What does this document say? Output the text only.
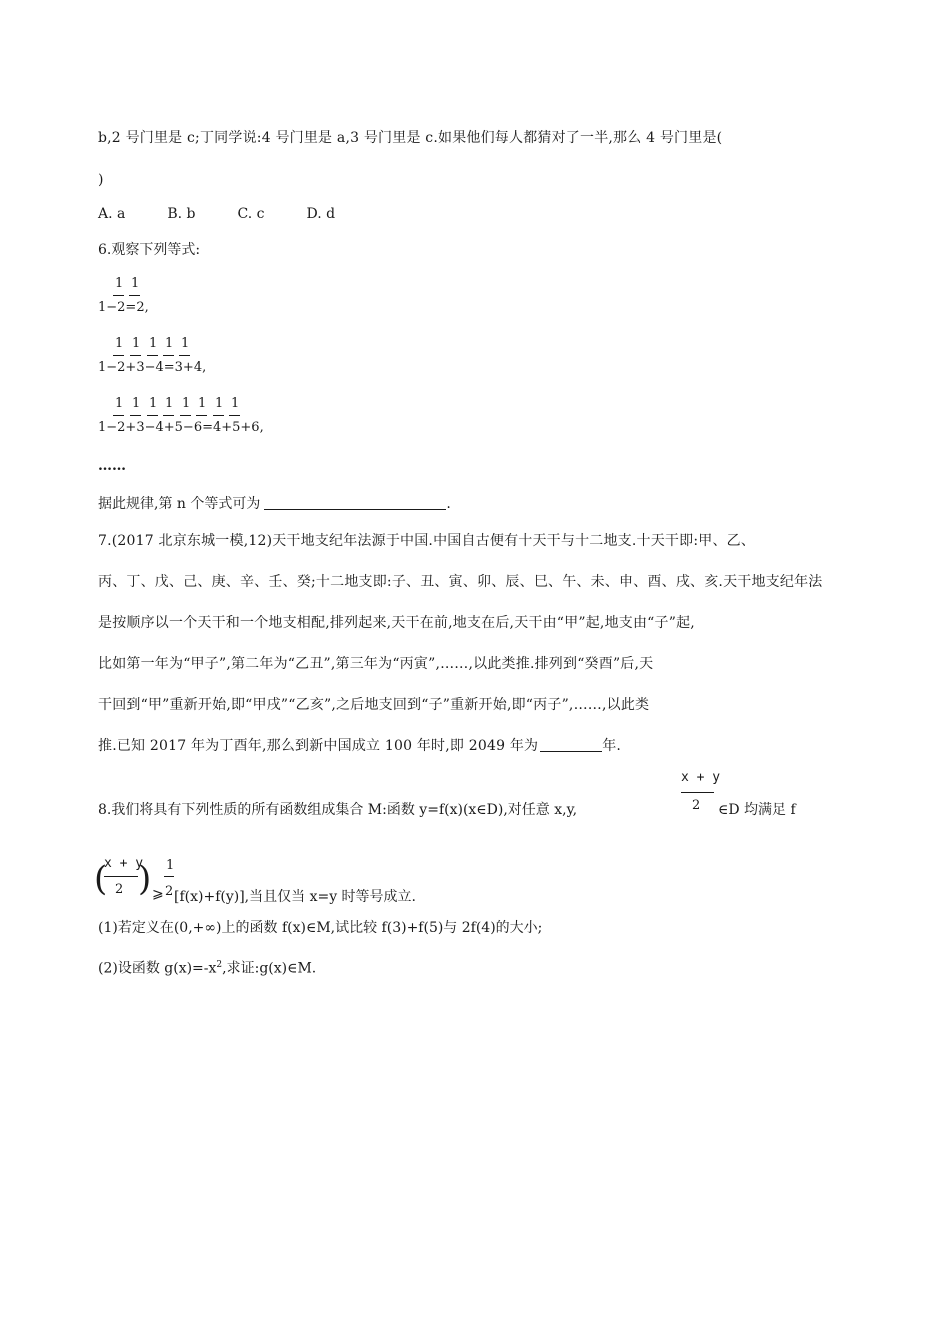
b,2 号门里是 c;丁同学说:4 号门里是 a,3 号门里是 c.如果他们每人都猜对了一半,那么 4 号门里是(
)
A. a	B. b	C. c	D. d
6.观察下列等式:
1 1
1−2=2,
1 1 1 1 1
1−2+3−4=3+4,
1 1 1 1 1 1 1 1
1−2+3−4+5−6=4+5+6,
……
据此规律,第 n 个等式可为	.
7.(2017 北京东城一模,12)天干地支纪年法源于中国.中国自古便有十天干与十二地支.十天干即:甲、乙、
丙、丁、戊、己、庚、辛、壬、癸;十二地支即:子、丑、寅、卯、辰、巳、午、未、申、酉、戌、亥.天干地支纪年法
是按顺序以一个天干和一个地支相配,排列起来,天干在前,地支在后,天干由“甲”起,地支由“子”起,
比如第一年为“甲子”,第二年为“乙丑”,第三年为“丙寅”,……,以此类推.排列到“癸酉”后,天
干回到“甲”重新开始,即“甲戌”“乙亥”,之后地支回到“子”重新开始,即“丙子”,……,以此类
推.已知 2017 年为丁酉年,那么到新中国成立 100 年时,即 2049 年为	年.
8.我们将具有下列性质的所有函数组成集合 M:函数 y=f(x)(x∈D),对任意 x,y,
x + y
2 ∈D 均满足 f
(
x + y
2 ) ⩾
1
2 [f(x)+f(y)],当且仅当 x=y 时等号成立.
(1)若定义在(0,+∞)上的函数 f(x)∈M,试比较 f(3)+f(5)与 2f(4)的大小;
(2)设函数 $g(x)=-x^2$,求证:g(x)∈M.
